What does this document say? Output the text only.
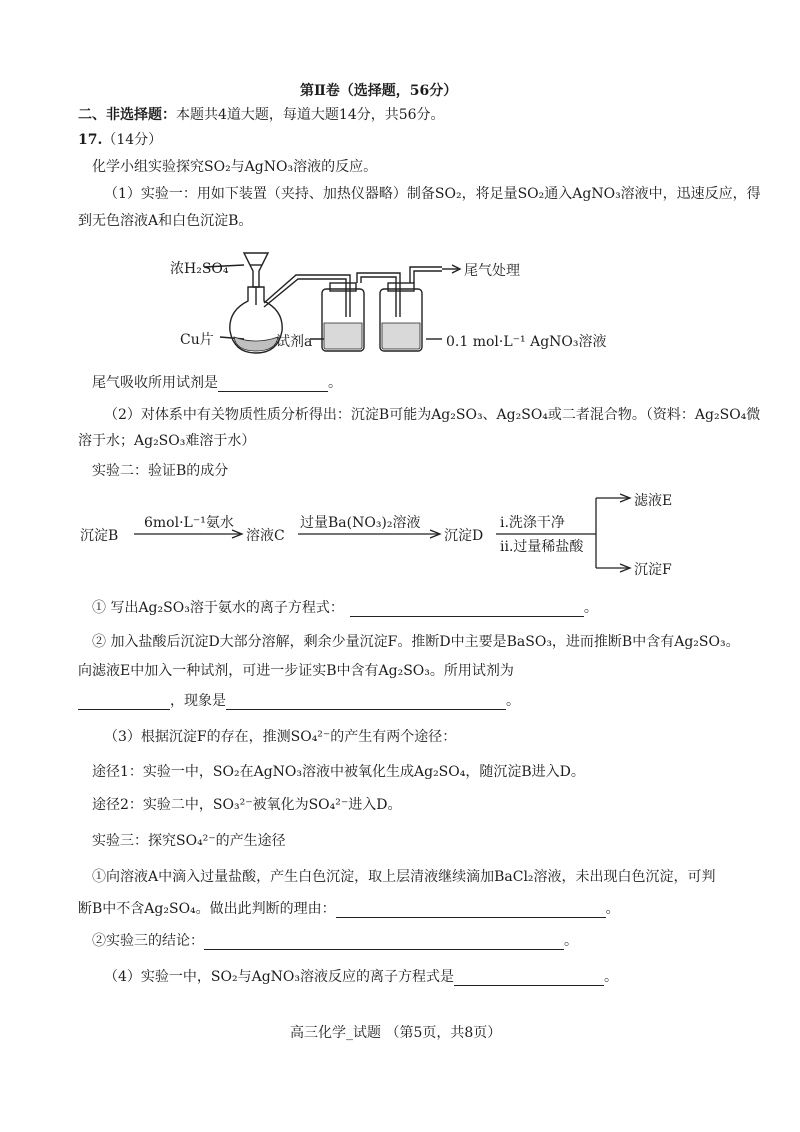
第Ⅱ卷（选择题，56分）
二、非选择题：本题共4道大题，每道大题14分，共56分。
17.（14分）
化学小组实验探究SO₂与AgNO₃溶液的反应。
（1）实验一：用如下装置（夹持、加热仪器略）制备SO₂，将足量SO₂通入AgNO₃溶液中，迅速反应，得
到无色溶液A和白色沉淀B。
浓H₂SO₄
Cu片	试剂a
尾气处理
0.1 mol·L⁻¹ AgNO₃溶液
尾气吸收所用试剂是	。
（2）对体系中有关物质性质分析得出：沉淀B可能为Ag₂SO₃、Ag₂SO₄或二者混合物。（资料：Ag₂SO₄微
溶于水；Ag₂SO₃难溶于水）
实验二：验证B的成分
沉淀B
6mol·L⁻¹氨水
溶液C
过量Ba(NO₃)₂溶液
沉淀D
i.洗涤干净
ii.过量稀盐酸
滤液E
沉淀F
① 写出Ag₂SO₃溶于氨水的离子方程式：	。
② 加入盐酸后沉淀D大部分溶解，剩余少量沉淀F。推断D中主要是BaSO₃，进而推断B中含有Ag₂SO₃。
向滤液E中加入一种试剂，可进一步证实B中含有Ag₂SO₃。所用试剂为
，现象是	。
（3）根据沉淀F的存在，推测SO₄²⁻的产生有两个途径：
途径1：实验一中，SO₂在AgNO₃溶液中被氧化生成Ag₂SO₄，随沉淀B进入D。
途径2：实验二中，SO₃²⁻被氧化为SO₄²⁻进入D。
实验三：探究SO₄²⁻的产生途径
①向溶液A中滴入过量盐酸，产生白色沉淀，取上层清液继续滴加BaCl₂溶液，未出现白色沉淀，可判
断B中不含Ag₂SO₄。做出此判断的理由：	。
②实验三的结论：	。
（4）实验一中，SO₂与AgNO₃溶液反应的离子方程式是	。
高三化学_试题 （第5页，共8页）
